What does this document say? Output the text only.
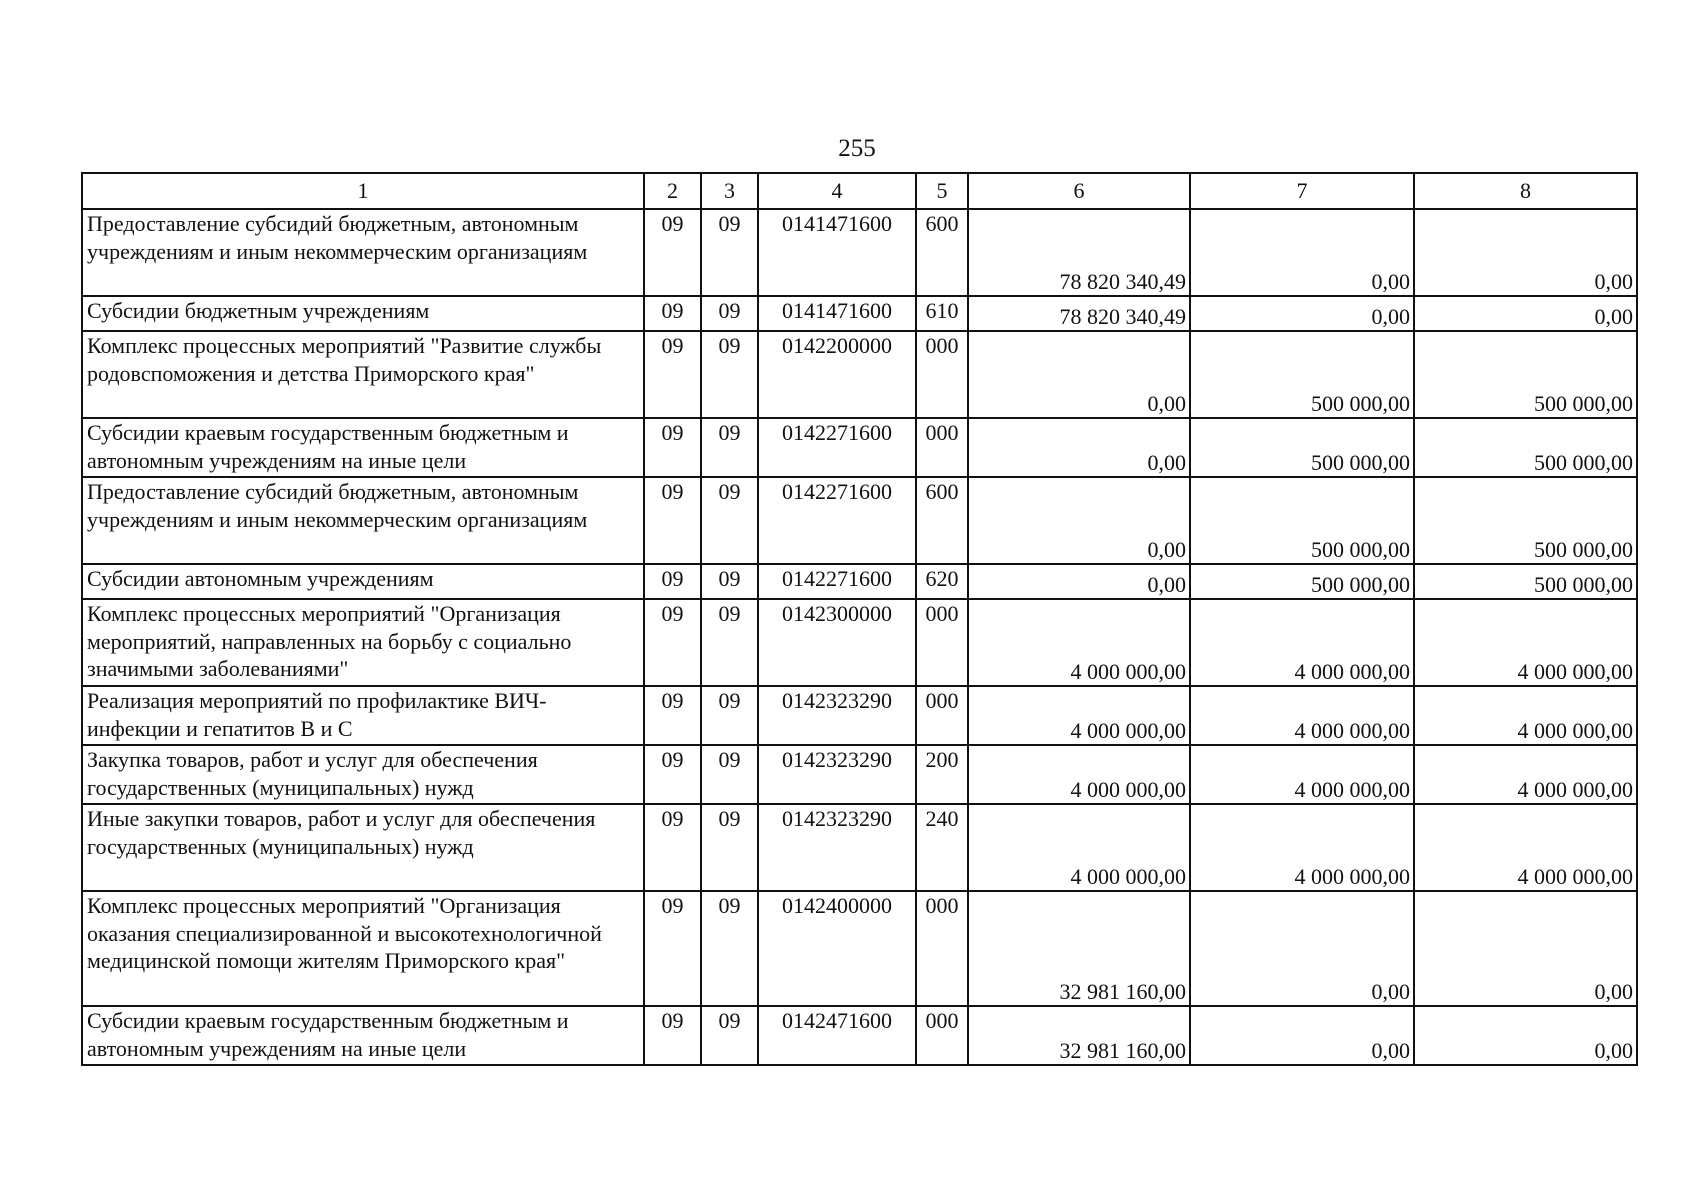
255
1	2	3	4	5	6	7	8
Предоставление субсидий бюджетным, автономным учреждениям и иным некоммерческим организациям	09	09	0141471600	600	78 820 340,49	0,00	0,00
Субсидии бюджетным учреждениям	09	09	0141471600	610	78 820 340,49	0,00	0,00
Комплекс процессных мероприятий "Развитие службы родовспоможения и детства Приморского края"	09	09	0142200000	000	0,00	500 000,00	500 000,00
Субсидии краевым государственным бюджетным и автономным учреждениям на иные цели	09	09	0142271600	000	0,00	500 000,00	500 000,00
Предоставление субсидий бюджетным, автономным учреждениям и иным некоммерческим организациям	09	09	0142271600	600	0,00	500 000,00	500 000,00
Субсидии автономным учреждениям	09	09	0142271600	620	0,00	500 000,00	500 000,00
Комплекс процессных мероприятий "Организация мероприятий, направленных на борьбу с социально значимыми заболеваниями"	09	09	0142300000	000	4 000 000,00	4 000 000,00	4 000 000,00
Реализация мероприятий по профилактике ВИЧ-инфекции и гепатитов В и С	09	09	0142323290	000	4 000 000,00	4 000 000,00	4 000 000,00
Закупка товаров, работ и услуг для обеспечения государственных (муниципальных) нужд	09	09	0142323290	200	4 000 000,00	4 000 000,00	4 000 000,00
Иные закупки товаров, работ и услуг для обеспечения государственных (муниципальных) нужд	09	09	0142323290	240	4 000 000,00	4 000 000,00	4 000 000,00
Комплекс процессных мероприятий "Организация оказания специализированной и высокотехнологичной медицинской помощи жителям Приморского края"	09	09	0142400000	000	32 981 160,00	0,00	0,00
Субсидии краевым государственным бюджетным и автономным учреждениям на иные цели	09	09	0142471600	000	32 981 160,00	0,00	0,00
